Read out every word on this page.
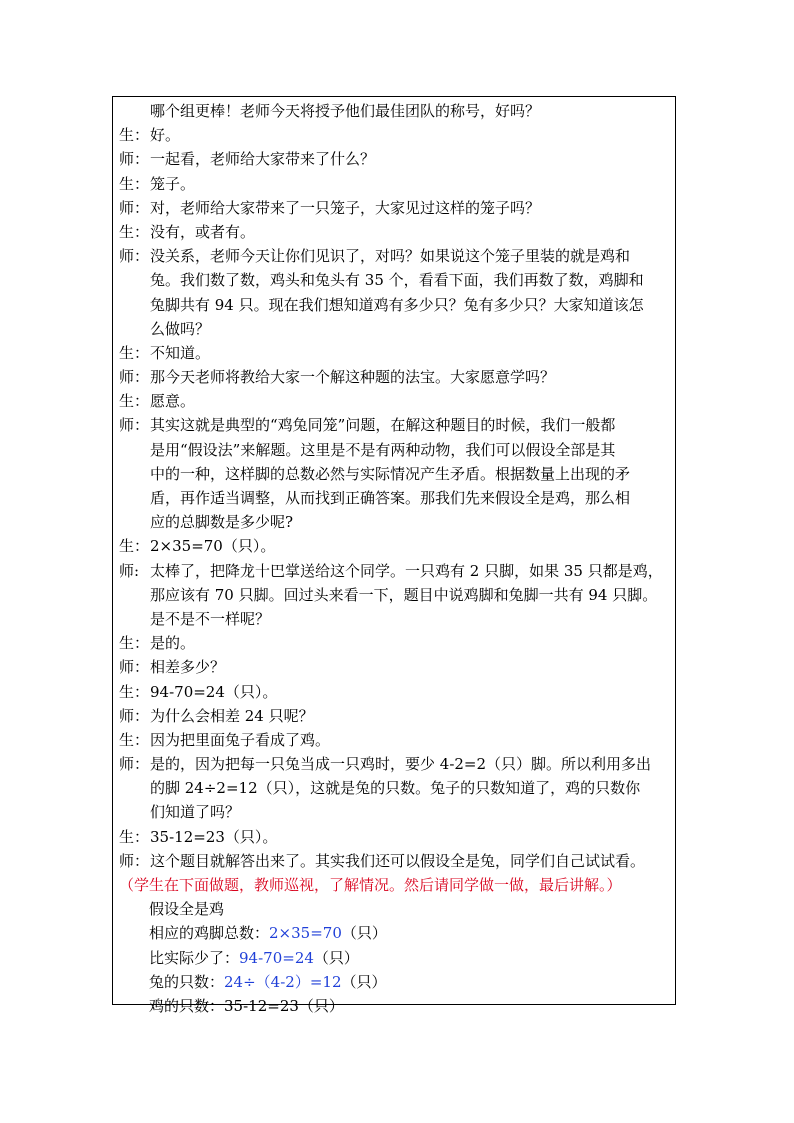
哪个组更棒！老师今天将授予他们最佳团队的称号，好吗？
生：好。
师：一起看，老师给大家带来了什么？
生：笼子。
师：对，老师给大家带来了一只笼子，大家见过这样的笼子吗？
生：没有，或者有。
师：没关系，老师今天让你们见识了，对吗？如果说这个笼子里装的就是鸡和
兔。我们数了数，鸡头和兔头有 35 个，看看下面，我们再数了数，鸡脚和
兔脚共有 94 只。现在我们想知道鸡有多少只？兔有多少只？大家知道该怎
么做吗？
生：不知道。
师：那今天老师将教给大家一个解这种题的法宝。大家愿意学吗？
生：愿意。
师：其实这就是典型的“鸡兔同笼”问题，在解这种题目的时候，我们一般都
是用“假设法”来解题。这里是不是有两种动物，我们可以假设全部是其
中的一种，这样脚的总数必然与实际情况产生矛盾。根据数量上出现的矛
盾，再作适当调整，从而找到正确答案。那我们先来假设全是鸡，那么相
应的总脚数是多少呢?
生：2×35=70（只）。
师: 太棒了，把降龙十巴掌送给这个同学。一只鸡有 2 只脚，如果 35 只都是鸡，
那应该有 70 只脚。回过头来看一下，题目中说鸡脚和兔脚一共有 94 只脚。
是不是不一样呢？
生：是的。
师：相差多少？
生：94-70=24（只）。
师：为什么会相差 24 只呢？
生：因为把里面兔子看成了鸡。
师：是的，因为把每一只兔当成一只鸡时，要少 4-2=2（只）脚。所以利用多出
的脚 24÷2=12（只），这就是兔的只数。兔子的只数知道了，鸡的只数你
们知道了吗？
生：35-12=23（只）。
师：这个题目就解答出来了。其实我们还可以假设全是兔，同学们自己试试看。
（学生在下面做题，教师巡视，了解情况。然后请同学做一做，最后讲解。）
假设全是鸡
相应的鸡脚总数：2×35=70（只）
比实际少了：94-70=24（只）
兔的只数：24÷（4-2）=12（只）
鸡的只数：35-12=23（只）
